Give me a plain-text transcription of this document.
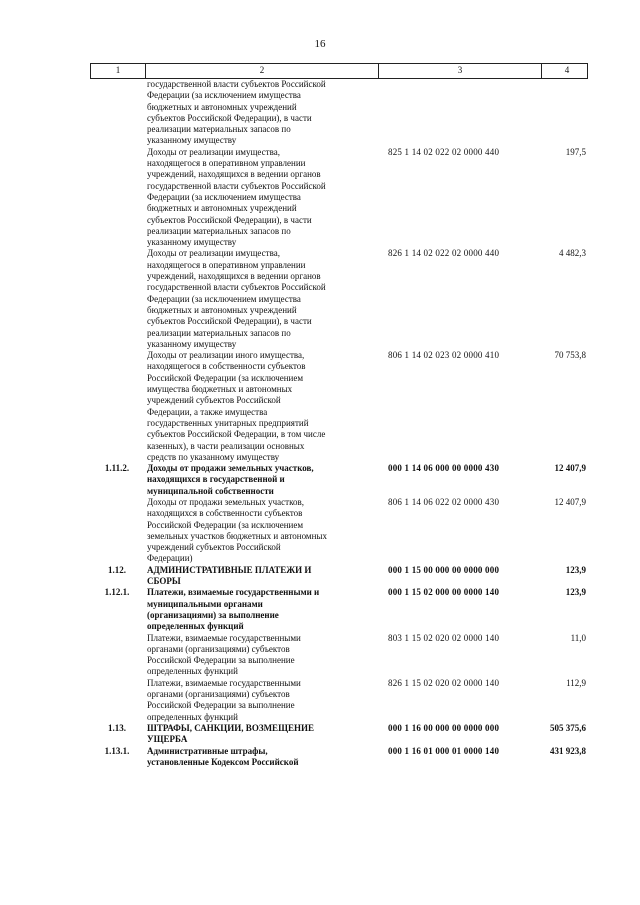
16
1	2	3	4
государственной власти субъектов Российской
Федерации (за исключением имущества
бюджетных и автономных учреждений
субъектов Российской Федерации), в части
реализации материальных запасов по
указанному имуществу
Доходы от реализации имущества,
находящегося в оперативном управлении
учреждений, находящихся в ведении органов
государственной власти субъектов Российской
Федерации (за исключением имущества
бюджетных и автономных учреждений
субъектов Российской Федерации), в части
реализации материальных запасов по
указанному имуществу
825 1 14 02 022 02 0000 440	197,5
Доходы от реализации имущества,
находящегося в оперативном управлении
учреждений, находящихся в ведении органов
государственной власти субъектов Российской
Федерации (за исключением имущества
бюджетных и автономных учреждений
субъектов Российской Федерации), в части
реализации материальных запасов по
указанному имуществу
826 1 14 02 022 02 0000 440	4 482,3
Доходы от реализации иного имущества,
находящегося в собственности субъектов
Российской Федерации (за исключением
имущества бюджетных и автономных
учреждений субъектов Российской
Федерации, а также имущества
государственных унитарных предприятий
субъектов Российской Федерации, в том числе
казенных), в части реализации основных
средств по указанному имуществу
806 1 14 02 023 02 0000 410	70 753,8
1.11.2.	Доходы от продажи земельных участков,
находящихся в государственной и
муниципальной собственности
000 1 14 06 000 00 0000 430	12 407,9
Доходы от продажи земельных участков,
находящихся в собственности субъектов
Российской Федерации (за исключением
земельных участков бюджетных и автономных
учреждений субъектов Российской
Федерации)
806 1 14 06 022 02 0000 430	12 407,9
1.12.	АДМИНИСТРАТИВНЫЕ ПЛАТЕЖИ И
СБОРЫ
000 1 15 00 000 00 0000 000	123,9
1.12.1.	Платежи, взимаемые государственными и
муниципальными органами
(организациями) за выполнение
определенных функций
000 1 15 02 000 00 0000 140	123,9
Платежи, взимаемые государственными
органами (организациями) субъектов
Российской Федерации за выполнение
определенных функций
803 1 15 02 020 02 0000 140	11,0
Платежи, взимаемые государственными
органами (организациями) субъектов
Российской Федерации за выполнение
определенных функций
826 1 15 02 020 02 0000 140	112,9
1.13.	ШТРАФЫ, САНКЦИИ, ВОЗМЕЩЕНИЕ
УЩЕРБА
000 1 16 00 000 00 0000 000	505 375,6
1.13.1.	Административные штрафы,
установленные Кодексом Российской
000 1 16 01 000 01 0000 140	431 923,8
